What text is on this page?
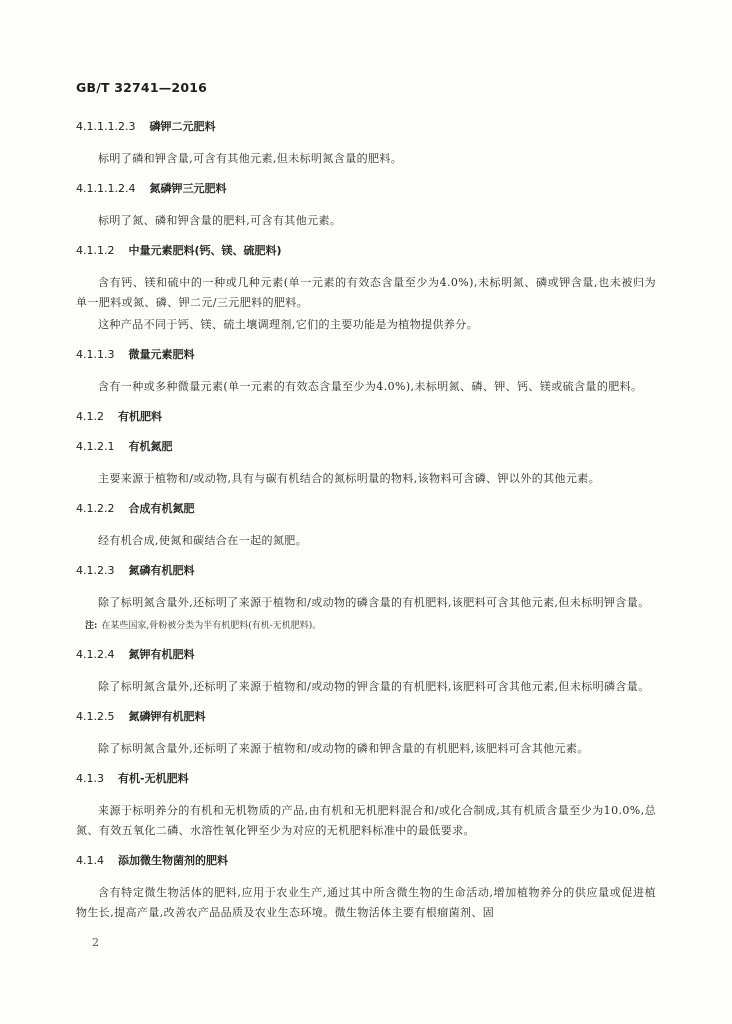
GB/T 32741—2016
4.1.1.1.2.3 磷钾二元肥料
标明了磷和钾含量,可含有其他元素,但未标明氮含量的肥料。
4.1.1.1.2.4 氮磷钾三元肥料
标明了氮、磷和钾含量的肥料,可含有其他元素。
4.1.1.2 中量元素肥料(钙、镁、硫肥料)
含有钙、镁和硫中的一种或几种元素(单一元素的有效态含量至少为4.0%),未标明氮、磷或钾含量,也未被归为单一肥料或氮、磷、钾二元/三元肥料的肥料。
这种产品不同于钙、镁、硫土壤调理剂,它们的主要功能是为植物提供养分。
4.1.1.3 微量元素肥料
含有一种或多种微量元素(单一元素的有效态含量至少为4.0%),未标明氮、磷、钾、钙、镁或硫含量的肥料。
4.1.2 有机肥料
4.1.2.1 有机氮肥
主要来源于植物和/或动物,具有与碳有机结合的氮标明量的物料,该物料可含磷、钾以外的其他元素。
4.1.2.2 合成有机氮肥
经有机合成,使氮和碳结合在一起的氮肥。
4.1.2.3 氮磷有机肥料
除了标明氮含量外,还标明了来源于植物和/或动物的磷含量的有机肥料,该肥料可含其他元素,但未标明钾含量。
注: 在某些国家,骨粉被分类为半有机肥料(有机-无机肥料)。
4.1.2.4 氮钾有机肥料
除了标明氮含量外,还标明了来源于植物和/或动物的钾含量的有机肥料,该肥料可含其他元素,但未标明磷含量。
4.1.2.5 氮磷钾有机肥料
除了标明氮含量外,还标明了来源于植物和/或动物的磷和钾含量的有机肥料,该肥料可含其他元素。
4.1.3 有机-无机肥料
来源于标明养分的有机和无机物质的产品,由有机和无机肥料混合和/或化合制成,其有机质含量至少为10.0%,总氮、有效五氧化二磷、水溶性氧化钾至少为对应的无机肥料标准中的最低要求。
4.1.4 添加微生物菌剂的肥料
含有特定微生物活体的肥料,应用于农业生产,通过其中所含微生物的生命活动,增加植物养分的供应量或促进植物生长,提高产量,改善农产品品质及农业生态环境。微生物活体主要有根瘤菌剂、固
2
